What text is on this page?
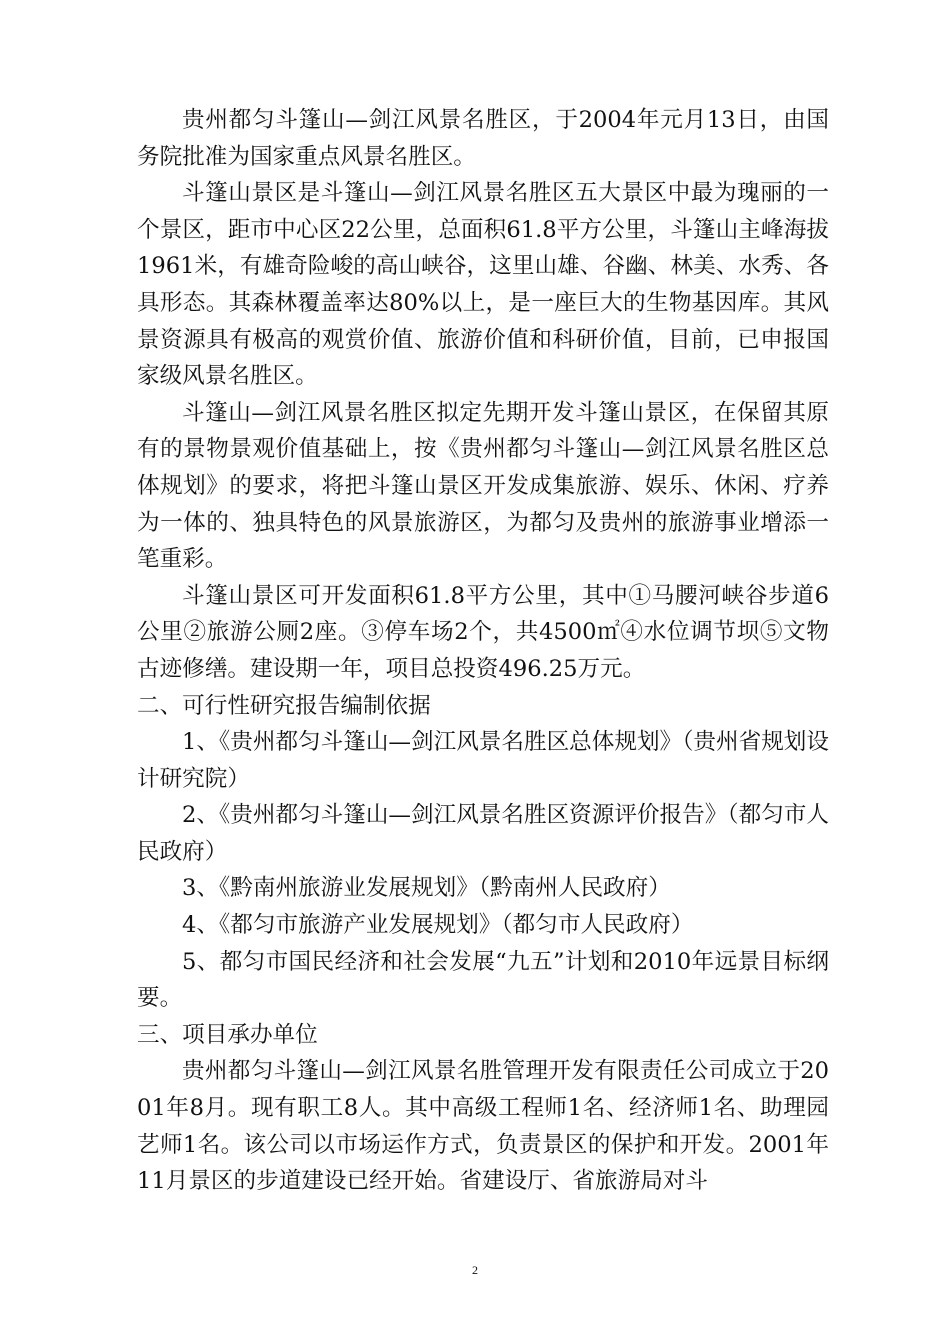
贵州都匀斗篷山—剑江风景名胜区，于2004年元月13日，由国务院批准为国家重点风景名胜区。

斗篷山景区是斗篷山—剑江风景名胜区五大景区中最为瑰丽的一个景区，距市中心区22公里，总面积61.8平方公里，斗篷山主峰海拔1961米，有雄奇险峻的高山峡谷，这里山雄、谷幽、林美、水秀、各具形态。其森林覆盖率达80%以上，是一座巨大的生物基因库。其风景资源具有极高的观赏价值、旅游价值和科研价值，目前，已申报国家级风景名胜区。

斗篷山—剑江风景名胜区拟定先期开发斗篷山景区，在保留其原有的景物景观价值基础上，按《贵州都匀斗篷山—剑江风景名胜区总体规划》的要求，将把斗篷山景区开发成集旅游、娱乐、休闲、疗养为一体的、独具特色的风景旅游区，为都匀及贵州的旅游事业增添一笔重彩。

斗篷山景区可开发面积61.8平方公里，其中①马腰河峡谷步道6公里②旅游公厕2座。③停车场2个，共4500㎡④水位调节坝⑤文物古迹修缮。建设期一年，项目总投资496.25万元。

二、可行性研究报告编制依据

1、《贵州都匀斗篷山—剑江风景名胜区总体规划》（贵州省规划设计研究院）

2、《贵州都匀斗篷山—剑江风景名胜区资源评价报告》（都匀市人民政府）

3、《黔南州旅游业发展规划》（黔南州人民政府）

4、《都匀市旅游产业发展规划》（都匀市人民政府）

5、都匀市国民经济和社会发展“九五”计划和2010年远景目标纲要。

三、项目承办单位

贵州都匀斗篷山—剑江风景名胜管理开发有限责任公司成立于2001年8月。现有职工8人。其中高级工程师1名、经济师1名、助理园艺师1名。该公司以市场运作方式，负责景区的保护和开发。2001年11月景区的步道建设已经开始。省建设厅、省旅游局对斗

2
